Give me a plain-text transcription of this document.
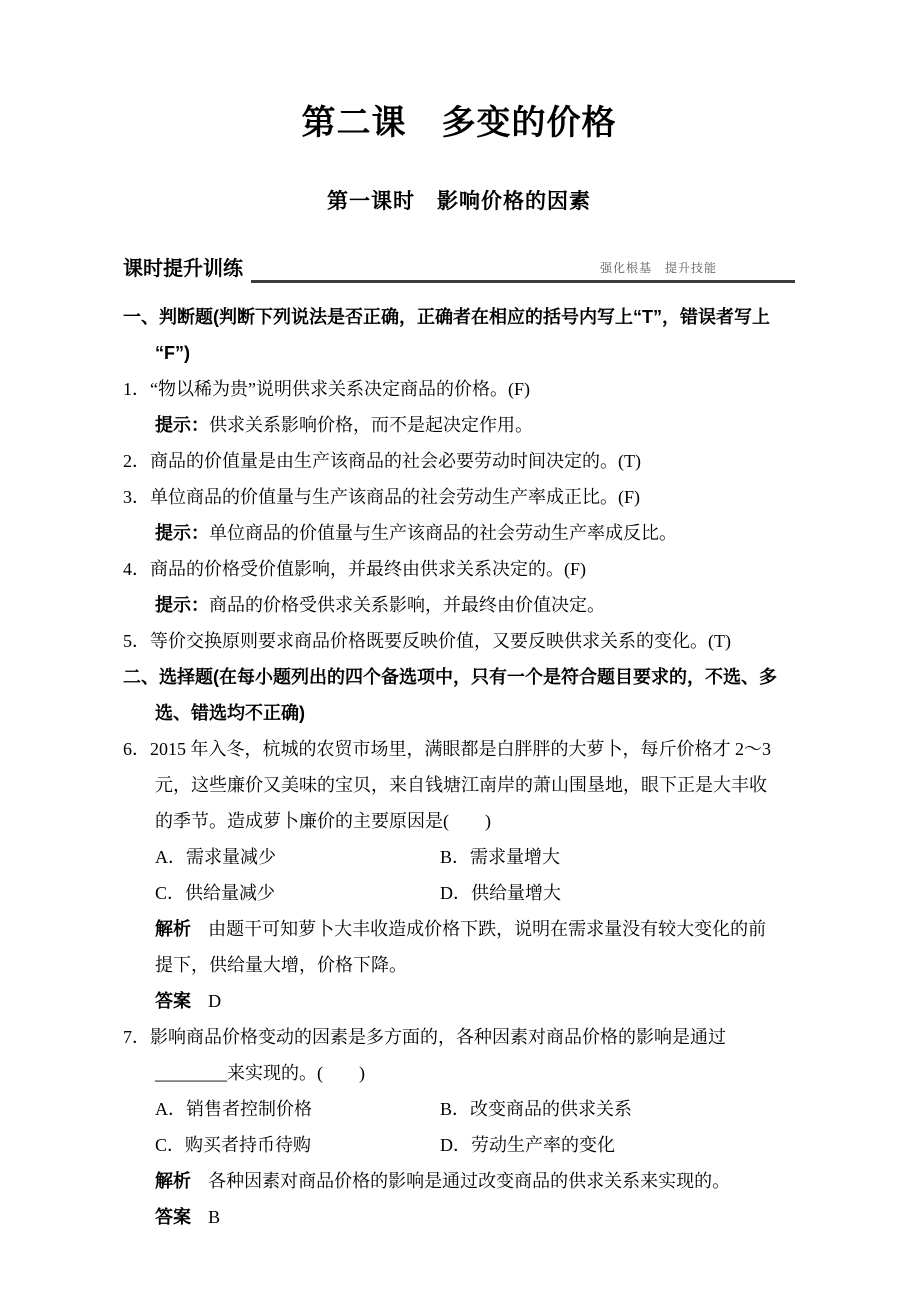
第二课　多变的价格
第一课时　影响价格的因素
课时提升训练	强化根基　提升技能
一、判断题(判断下列说法是否正确，正确者在相应的括号内写上“T”，错误者写上
“F”)
1．“物以稀为贵”说明供求关系决定商品的价格。(F)
提示：供求关系影响价格，而不是起决定作用。
2．商品的价值量是由生产该商品的社会必要劳动时间决定的。(T)
3．单位商品的价值量与生产该商品的社会劳动生产率成正比。(F)
提示：单位商品的价值量与生产该商品的社会劳动生产率成反比。
4．商品的价格受价值影响，并最终由供求关系决定的。(F)
提示：商品的价格受供求关系影响，并最终由价值决定。
5．等价交换原则要求商品价格既要反映价值，又要反映供求关系的变化。(T)
二、选择题(在每小题列出的四个备选项中，只有一个是符合题目要求的，不选、多
选、错选均不正确)
6．2015 年入冬，杭城的农贸市场里，满眼都是白胖胖的大萝卜，每斤价格才 2～3
元，这些廉价又美味的宝贝，来自钱塘江南岸的萧山围垦地，眼下正是大丰收
的季节。造成萝卜廉价的主要原因是(　　)
A．需求量减少	B．需求量增大
C．供给量减少	D．供给量增大
解析 由题干可知萝卜大丰收造成价格下跌，说明在需求量没有较大变化的前
提下，供给量大增，价格下降。
答案 D
7．影响商品价格变动的因素是多方面的，各种因素对商品价格的影响是通过
________来实现的。(　　)
A．销售者控制价格	B．改变商品的供求关系
C．购买者持币待购	D．劳动生产率的变化
解析 各种因素对商品价格的影响是通过改变商品的供求关系来实现的。
答案 B
